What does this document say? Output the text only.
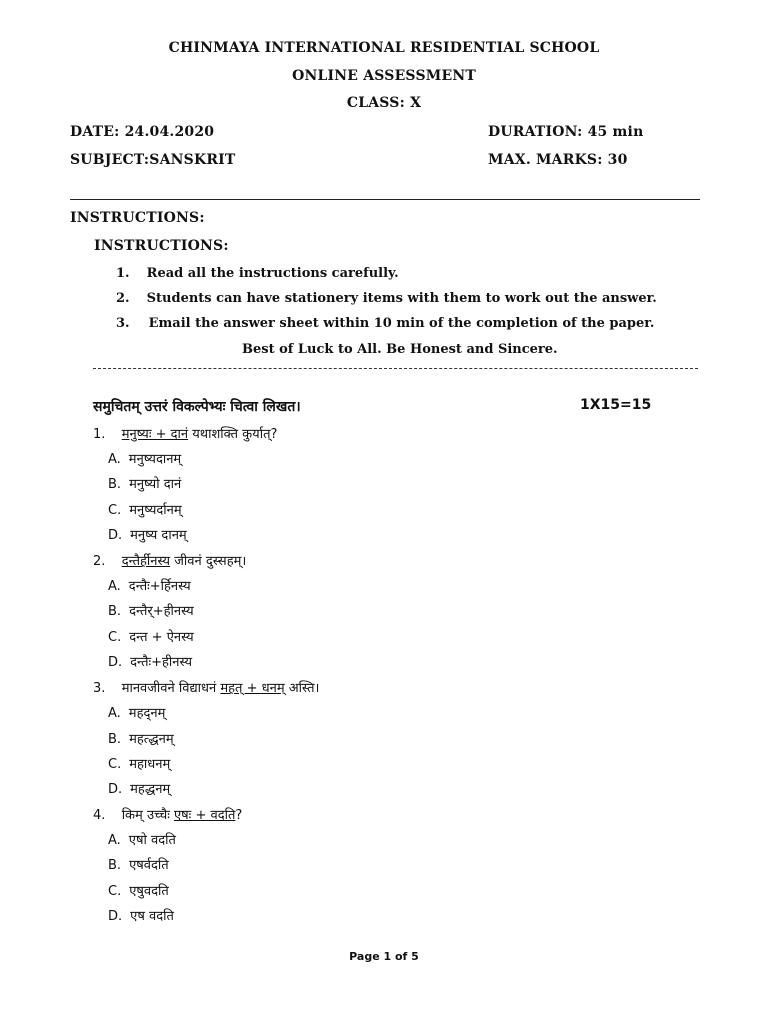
CHINMAYA INTERNATIONAL RESIDENTIAL SCHOOL
ONLINE ASSESSMENT
CLASS: X
DATE: 24.04.2020	DURATION: 45 min
SUBJECT:SANSKRIT	MAX. MARKS: 30
INSTRUCTIONS:
INSTRUCTIONS:
1. Read all the instructions carefully.
2. Students can have stationery items with them to work out the answer.
3. Email the answer sheet within 10 min of the completion of the paper.
Best of Luck to All. Be Honest and Sincere.
समुचितम् उत्तरं विकल्पेभ्यः चित्वा लिखत।	1X15=15
1. मनुष्यः + दानं यथाशक्ति कुर्यात्?
A. मनुष्यदानम्
B. मनुष्यो दानं
C. मनुष्यर्दानम्
D. मनुष्य दानम्
2. दन्तैर्हीनस्य जीवनं दुस्सहम्।
A. दन्तैः+र्हिनस्य
B. दन्तैर्+हीनस्य
C. दन्त + ऐनस्य
D. दन्तैः+हीनस्य
3. मानवजीवने विद्याधनं महत् + धनम् अस्ति।
A. महद्नम्
B. महत्द्धनम्
C. महाधनम्
D. महद्धनम्
4. किम् उच्चैः एषः + वदति?
A. एषो वदति
B. एषर्वदति
C. एषुवदति
D. एष वदति
Page 1 of 5
